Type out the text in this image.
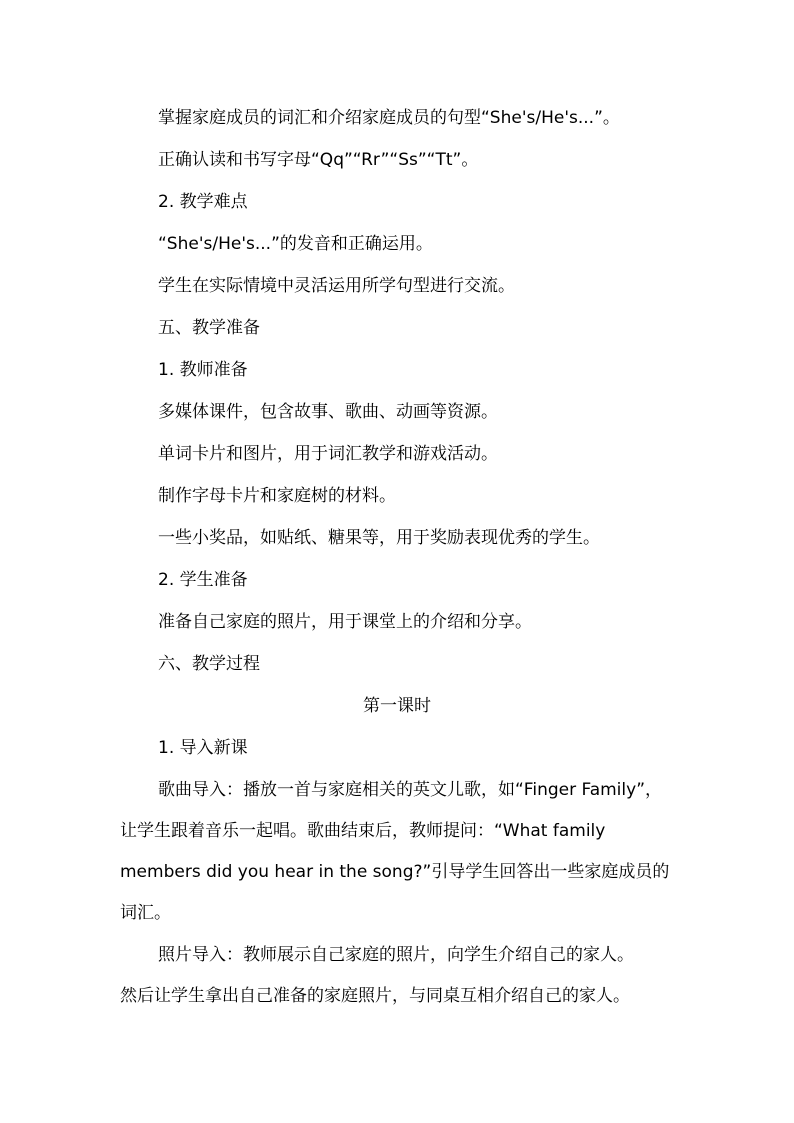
掌握家庭成员的词汇和介绍家庭成员的句型“She's/He's...”。
正确认读和书写字母“Qq”“Rr”“Ss”“Tt”。
2. 教学难点
“She's/He's...”的发音和正确运用。
学生在实际情境中灵活运用所学句型进行交流。
五、教学准备
1. 教师准备
多媒体课件，包含故事、歌曲、动画等资源。
单词卡片和图片，用于词汇教学和游戏活动。
制作字母卡片和家庭树的材料。
一些小奖品，如贴纸、糖果等，用于奖励表现优秀的学生。
2. 学生准备
准备自己家庭的照片，用于课堂上的介绍和分享。
六、教学过程
第一课时
1. 导入新课
歌曲导入：播放一首与家庭相关的英文儿歌，如“Finger Family”，
让学生跟着音乐一起唱。歌曲结束后，教师提问：“What family
members did you hear in the song?”引导学生回答出一些家庭成员的
词汇。
照片导入：教师展示自己家庭的照片，向学生介绍自己的家人。
然后让学生拿出自己准备的家庭照片，与同桌互相介绍自己的家人。
